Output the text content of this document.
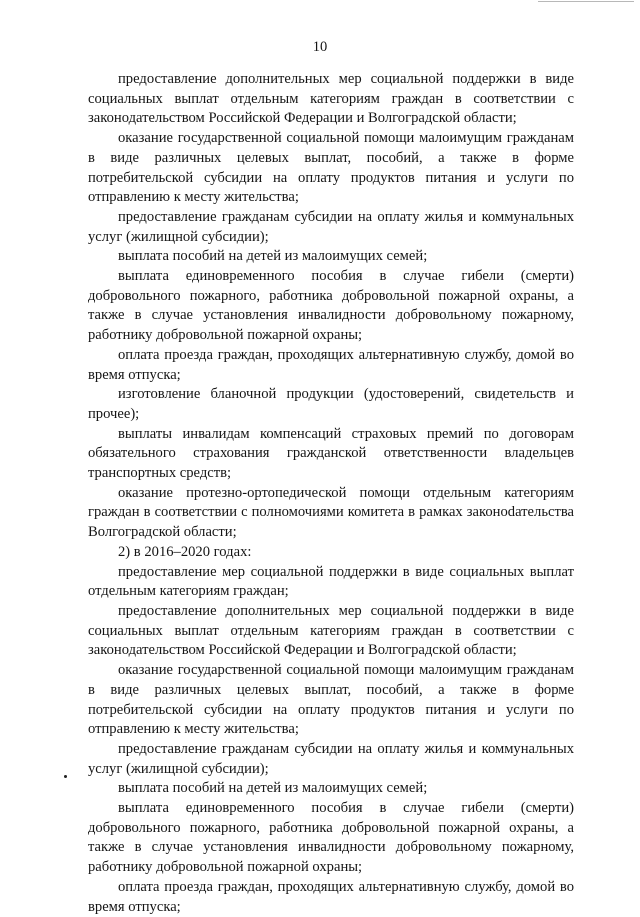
10

предоставление дополнительных мер социальной поддержки в виде социальных выплат отдельным категориям граждан в соответствии с законодательством Российской Федерации и Волгоградской области;

оказание государственной социальной помощи малоимущим гражданам в виде различных целевых выплат, пособий, а также в форме потребительской субсидии на оплату продуктов питания и услуги по отправлению к месту жительства;

предоставление гражданам субсидии на оплату жилья и коммунальных услуг (жилищной субсидии);

выплата пособий на детей из малоимущих семей;

выплата единовременного пособия в случае гибели (смерти) добровольного пожарного, работника добровольной пожарной охраны, а также в случае установления инвалидности добровольному пожарному, работнику добровольной пожарной охраны;

оплата проезда граждан, проходящих альтернативную службу, домой во время отпуска;

изготовление бланочной продукции (удостоверений, свидетельств и прочее);

выплаты инвалидам компенсаций страховых премий по договорам обязательного страхования гражданской ответственности владельцев транспортных средств;

оказание протезно-ортопедической помощи отдельным категориям граждан в соответствии с полномочиями комитета в рамках законоdательства Волгоградской области;

2) в 2016–2020 годах:

предоставление мер социальной поддержки в виде социальных выплат отдельным категориям граждан;

предоставление дополнительных мер социальной поддержки в виде социальных выплат отдельным категориям граждан в соответствии с законодательством Российской Федерации и Волгоградской области;

оказание государственной социальной помощи малоимущим гражданам в виде различных целевых выплат, пособий, а также в форме потребительской субсидии на оплату продуктов питания и услуги по отправлению к месту жительства;

предоставление гражданам субсидии на оплату жилья и коммунальных услуг (жилищной субсидии);

выплата пособий на детей из малоимущих семей;

выплата единовременного пособия в случае гибели (смерти) добровольного пожарного, работника добровольной пожарной охраны, а также в случае установления инвалидности добровольному пожарному, работнику добровольной пожарной охраны;

оплата проезда граждан, проходящих альтернативную службу, домой во время отпуска;
